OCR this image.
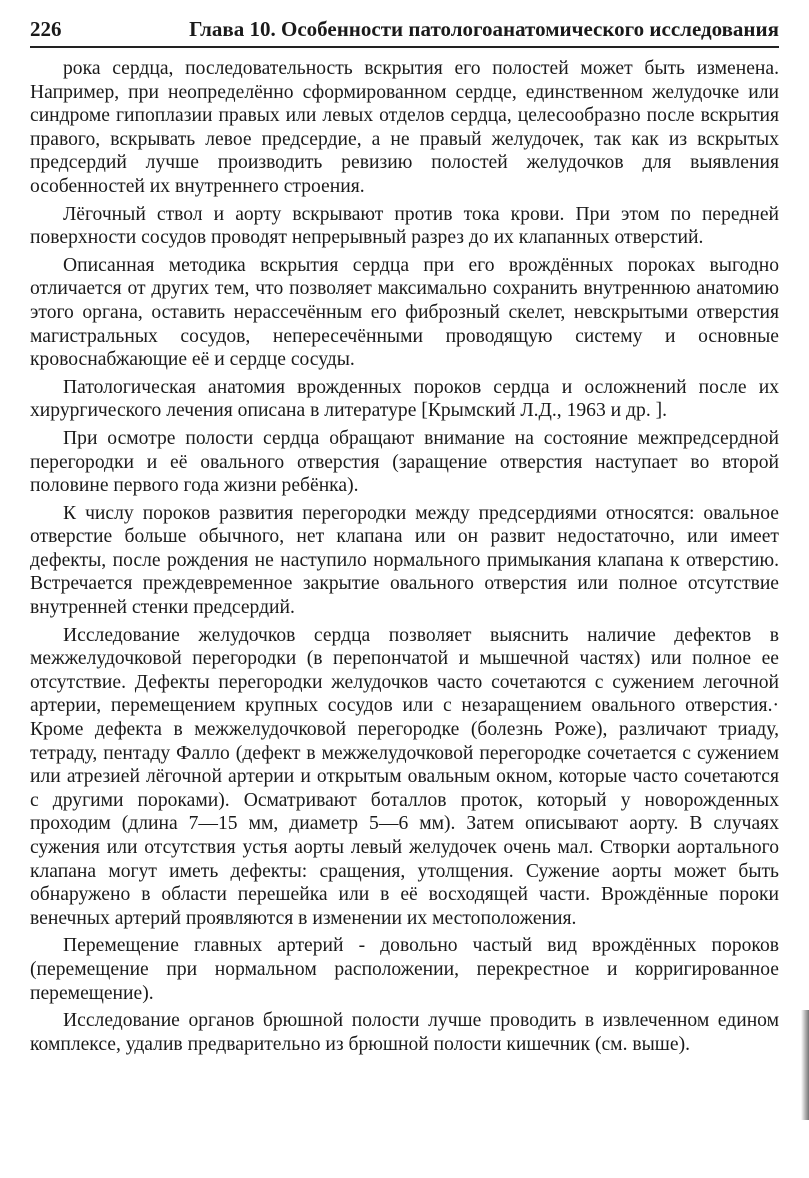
226	Глава 10. Особенности патологоанатомического исследования

рока сердца, последовательность вскрытия его полостей может быть изменена. Например, при неопределённо сформированном сердце, единственном желудочке или синдроме гипоплазии правых или левых отделов сердца, целесообразно после вскрытия правого, вскрывать левое предсердие, а не правый желудочек, так как из вскрытых предсердий лучше производить ревизию полостей желудочков для выявления особенностей их внутреннего строения.

Лёгочный ствол и аорту вскрывают против тока крови. При этом по передней поверхности сосудов проводят непрерывный разрез до их клапанных отверстий.

Описанная методика вскрытия сердца при его врождённых пороках выгодно отличается от других тем, что позволяет максимально сохранить внутреннюю анатомию этого органа, оставить нерассечённым его фиброзный скелет, невскрытыми отверстия магистральных сосудов, непересечёнными проводящую систему и основные кровоснабжающие её и сердце сосуды.

Патологическая анатомия врожденных пороков сердца и осложнений после их хирургического лечения описана в литературе [Крымский Л.Д., 1963 и др. ].

При осмотре полости сердца обращают внимание на состояние межпредсердной перегородки и её овального отверстия (заращение отверстия наступает во второй половине первого года жизни ребёнка).

К числу пороков развития перегородки между предсердиями относятся: овальное отверстие больше обычного, нет клапана или он развит недостаточно, или имеет дефекты, после рождения не наступило нормального примыкания клапана к отверстию. Встречается преждевременное закрытие овального отверстия или полное отсутствие внутренней стенки предсердий.

Исследование желудочков сердца позволяет выяснить наличие дефектов в межжелудочковой перегородки (в перепончатой и мышечной частях) или полное ее отсутствие. Дефекты перегородки желудочков часто сочетаются с сужением легочной артерии, перемещением крупных сосудов или с незаращением овального отверстия.· Кроме дефекта в межжелудочковой перегородке (болезнь Роже), различают триаду, тетраду, пентаду Фалло (дефект в межжелудочковой перегородке сочетается с сужением или атрезией лёгочной артерии и открытым овальным окном, которые часто сочетаются с другими пороками). Осматривают боталлов проток, который у новорожденных проходим (длина 7—15 мм, диаметр 5—6 мм). Затем описывают аорту. В случаях сужения или отсутствия устья аорты левый желудочек очень мал. Створки аортального клапана могут иметь дефекты: сращения, утолщения. Сужение аорты может быть обнаружено в области перешейка или в её восходящей части. Врождённые пороки венечных артерий проявляются в изменении их местоположения.

Перемещение главных артерий - довольно частый вид врождённых пороков (перемещение при нормальном расположении, перекрестное и корригированное перемещение).

Исследование органов брюшной полости лучше проводить в извлеченном едином комплексе, удалив предварительно из брюшной полости кишечник (см. выше).
